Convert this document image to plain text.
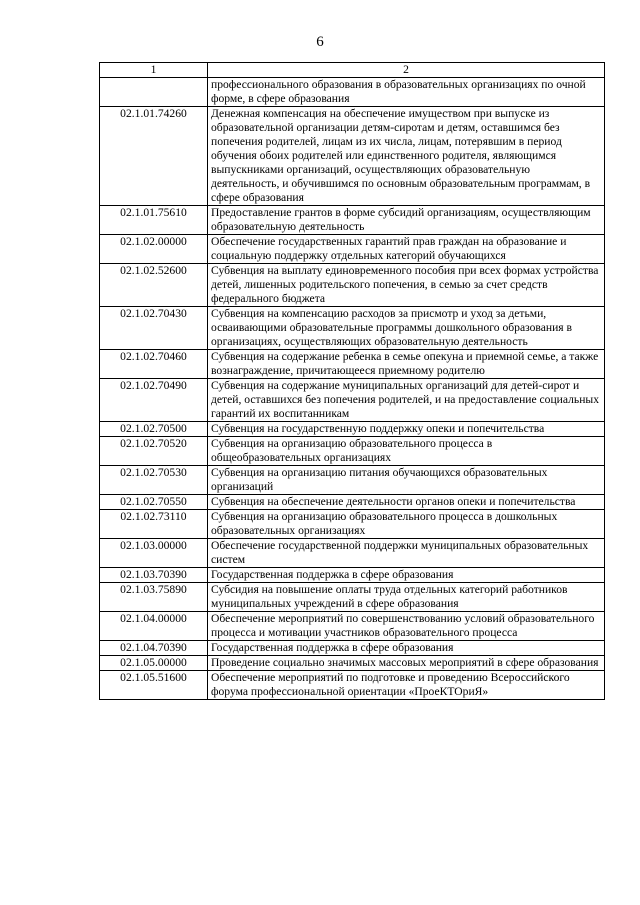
6
1	2
	профессионального образования в образовательных организациях по очной форме, в сфере образования
02.1.01.74260	Денежная компенсация на обеспечение имуществом при выпуске из образовательной организации детям-сиротам и детям, оставшимся без попечения родителей, лицам из их числа, лицам, потерявшим в период обучения обоих родителей или единственного родителя, являющимся выпускниками организаций, осуществляющих образовательную деятельность, и обучившимся по основным образовательным программам, в сфере образования
02.1.01.75610	Предоставление грантов в форме субсидий организациям, осуществляющим образовательную деятельность
02.1.02.00000	Обеспечение государственных гарантий прав граждан на образование и социальную поддержку отдельных категорий обучающихся
02.1.02.52600	Субвенция на выплату единовременного пособия при всех формах устройства детей, лишенных родительского попечения, в семью за счет средств федерального бюджета
02.1.02.70430	Субвенция на компенсацию расходов за присмотр и уход за детьми, осваивающими образовательные программы дошкольного образования в организациях, осуществляющих образовательную деятельность
02.1.02.70460	Субвенция на содержание ребенка в семье опекуна и приемной семье, а также вознаграждение, причитающееся приемному родителю
02.1.02.70490	Субвенция на содержание муниципальных организаций для детей-сирот и детей, оставшихся без попечения родителей, и на предоставление социальных гарантий их воспитанникам
02.1.02.70500	Субвенция на государственную поддержку опеки и попечительства
02.1.02.70520	Субвенция на организацию образовательного процесса в общеобразовательных организациях
02.1.02.70530	Субвенция на организацию питания обучающихся образовательных организаций
02.1.02.70550	Субвенция на обеспечение деятельности органов опеки и попечительства
02.1.02.73110	Субвенция на организацию образовательного процесса в дошкольных образовательных организациях
02.1.03.00000	Обеспечение государственной поддержки муниципальных образовательных систем
02.1.03.70390	Государственная поддержка в сфере образования
02.1.03.75890	Субсидия на повышение оплаты труда отдельных категорий работников муниципальных учреждений в сфере образования
02.1.04.00000	Обеспечение мероприятий по совершенствованию условий образовательного процесса и мотивации участников образовательного процесса
02.1.04.70390	Государственная поддержка в сфере образования
02.1.05.00000	Проведение социально значимых массовых мероприятий в сфере образования
02.1.05.51600	Обеспечение мероприятий по подготовке и проведению Всероссийского форума профессиональной ориентации «ПроеКТОриЯ»
